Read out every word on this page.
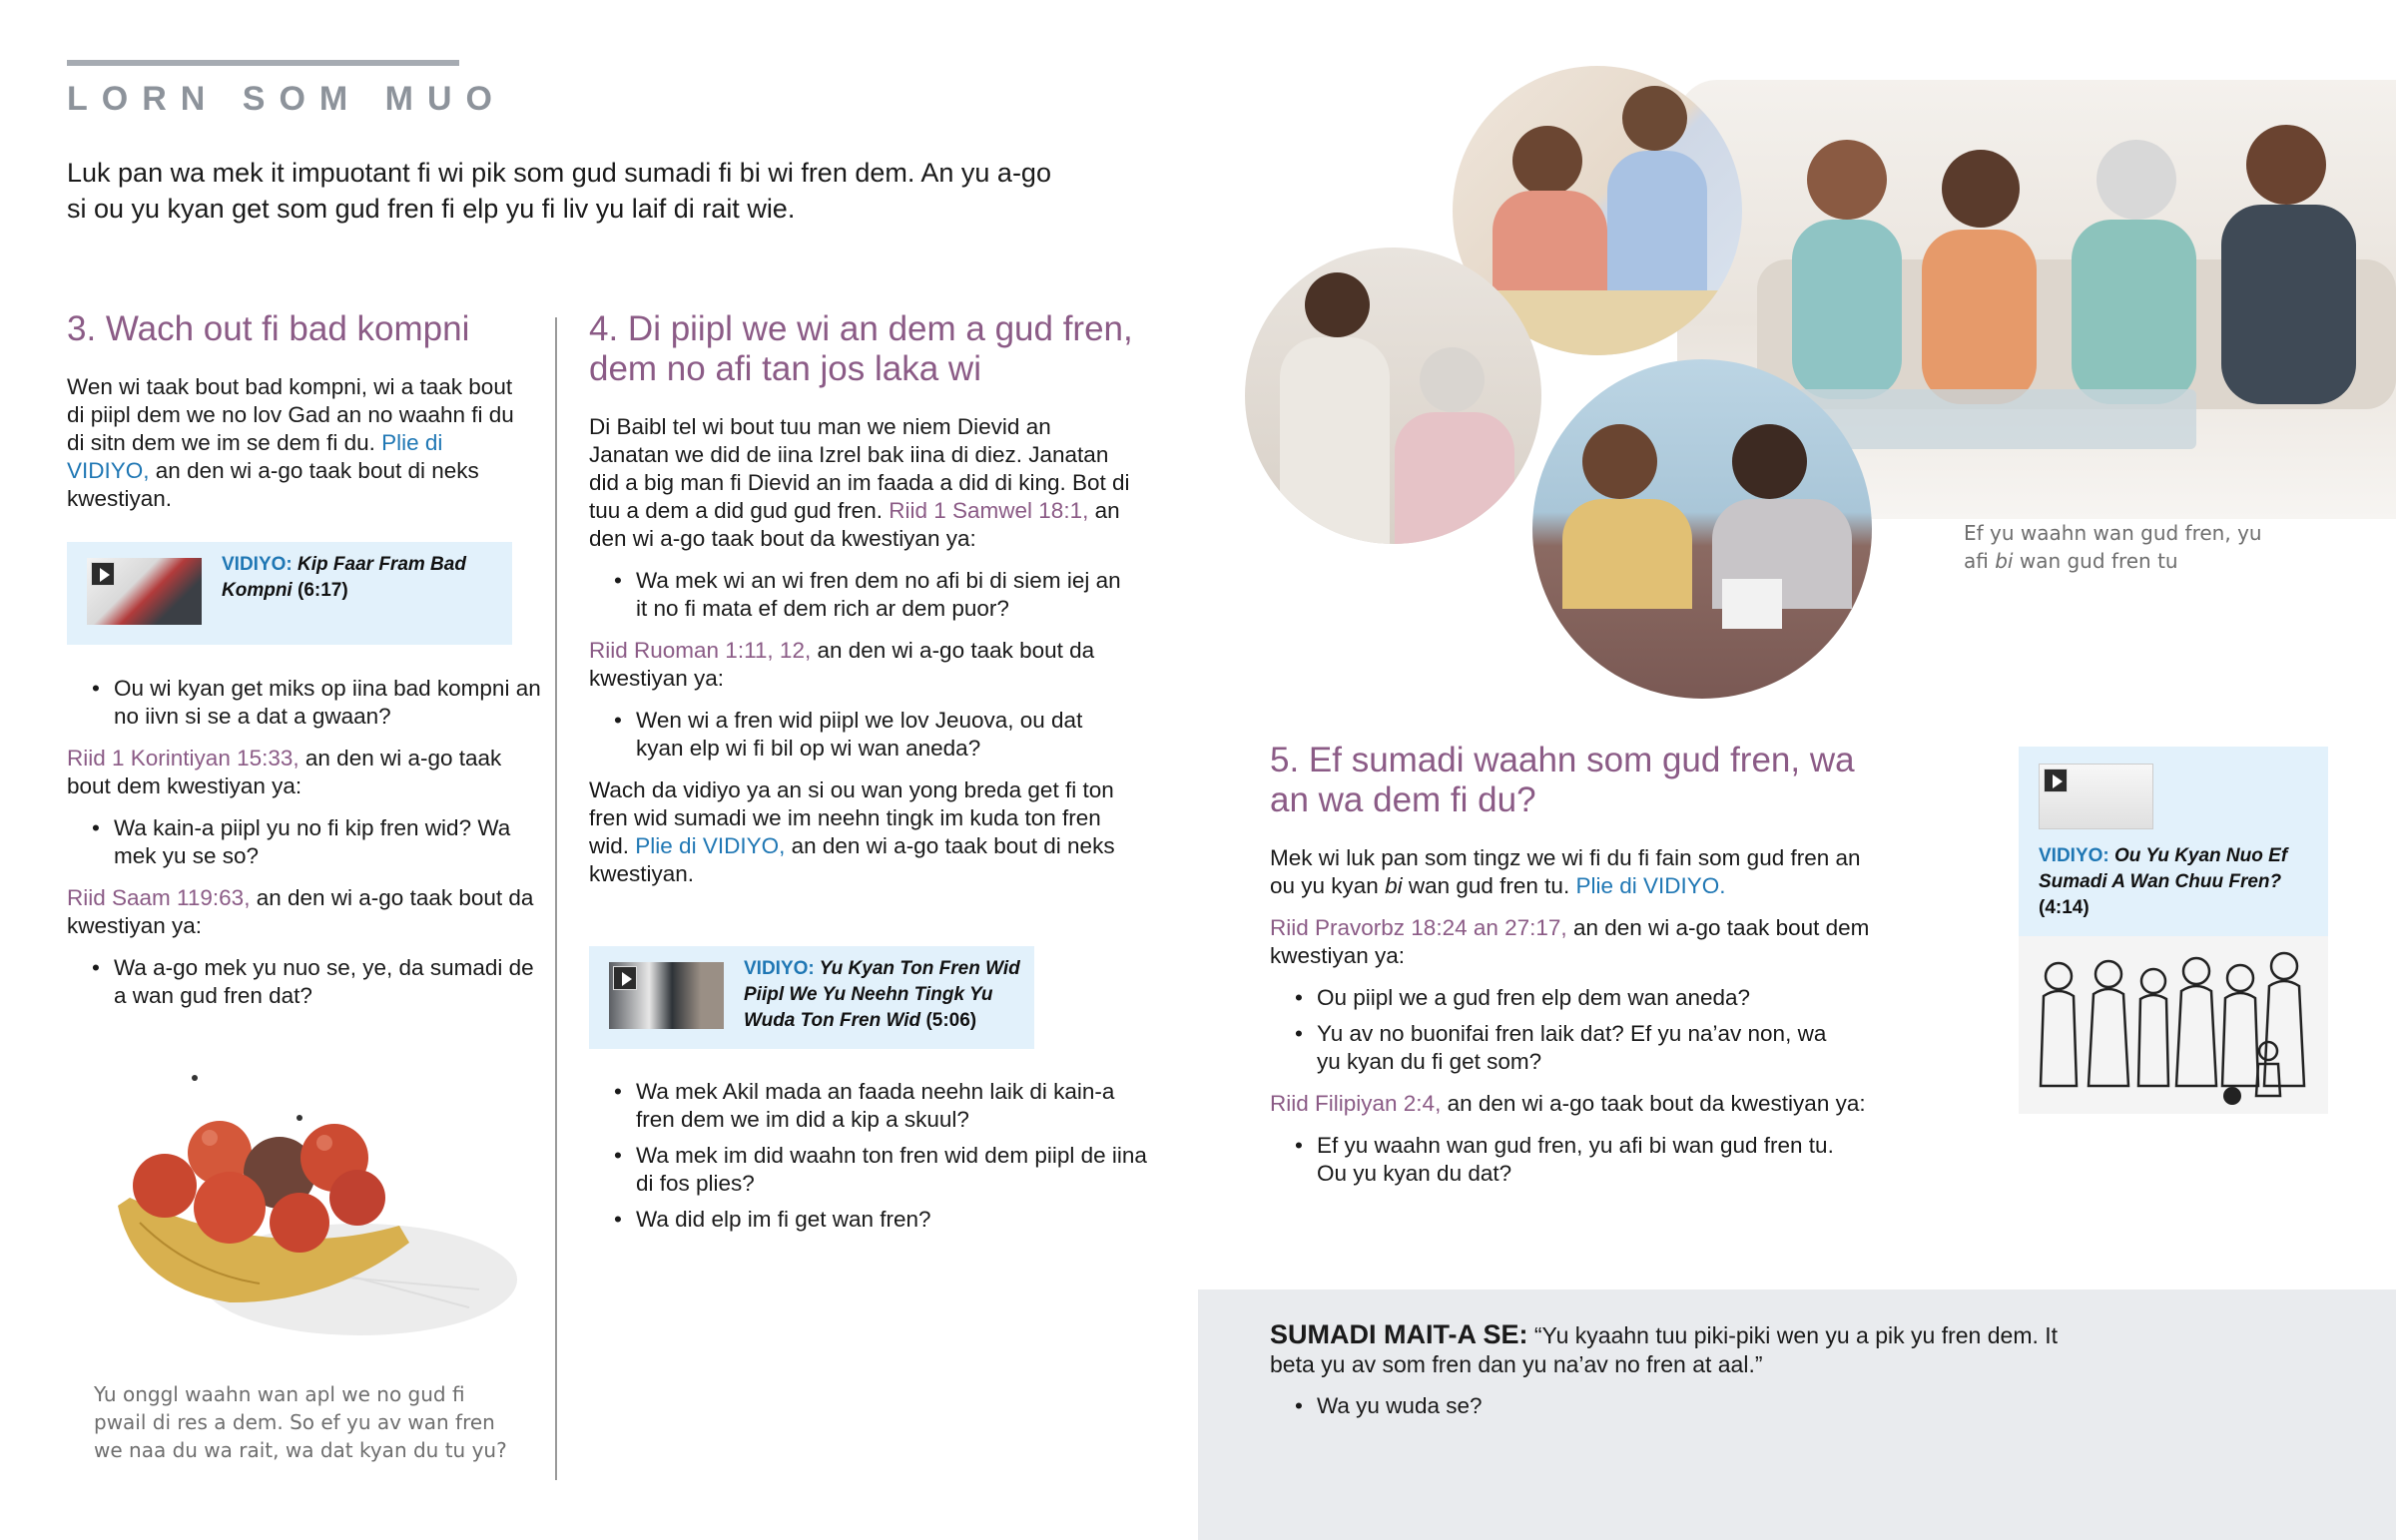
LORN SOM MUO

Luk pan wa mek it impuotant fi wi pik som gud sumadi fi bi wi fren dem. An yu a-go si ou yu kyan get som gud fren fi elp yu fi liv yu laif di rait wie.

3. Wach out fi bad kompni

Wen wi taak bout bad kompni, wi a taak bout di piipl dem we no lov Gad an no waahn fi du di sitn dem we im se dem fi du. Plie di VIDIYO, an den wi a-go taak bout di neks kwestiyan.

VIDIYO: Kip Faar Fram Bad Kompni (6:17)
• Ou wi kyan get miks op iina bad kompni an no iivn si se a dat a gwaan?

Riid 1 Korintiyan 15:33, an den wi a-go taak bout dem kwestiyan ya:

• Wa kain-a piipl yu no fi kip fren wid? Wa mek yu se so?

Riid Saam 119:63, an den wi a-go taak bout da kwestiyan ya:

• Wa a-go mek yu nuo se, ye, da sumadi de a wan gud fren dat?

Yu onggl waahn wan apl we no gud fi pwail di res a dem. So ef yu av wan fren we naa du wa rait, wa dat kyan du tu yu?

4. Di piipl we wi an dem a gud fren, dem no afi tan jos laka wi

Di Baibl tel wi bout tuu man we niem Dievid an Janatan we did de iina Izrel bak iina di diez. Janatan did a big man fi Dievid an im faada a did di king. Bot di tuu a dem a did gud gud fren. Riid 1 Samwel 18:1, an den wi a-go taak bout da kwestiyan ya:

• Wa mek wi an wi fren dem no afi bi di siem iej an it no fi mata ef dem rich ar dem puor?

Riid Ruoman 1:11, 12, an den wi a-go taak bout da kwestiyan ya:

• Wen wi a fren wid piipl we lov Jeuova, ou dat kyan elp wi fi bil op wi wan aneda?

Wach da vidiyo ya an si ou wan yong breda get fi ton fren wid sumadi we im neehn tingk im kuda ton fren wid. Plie di VIDIYO, an den wi a-go taak bout di neks kwestiyan.

VIDIYO: Yu Kyan Ton Fren Wid Piipl We Yu Neehn Tingk Yu Wuda Ton Fren Wid (5:06)
• Wa mek Akil mada an faada neehn laik di kain-a fren dem we im did a kip a skuul?
• Wa mek im did waahn ton fren wid dem piipl de iina di fos plies?
• Wa did elp im fi get wan fren?
Ef yu waahn wan gud fren, yu afi bi wan gud fren tu
5. Ef sumadi waahn som gud fren, wa an wa dem fi du?

Mek wi luk pan som tingz we wi fi du fi fain som gud fren an ou yu kyan bi wan gud fren tu. Plie di VIDIYO.

Riid Pravorbz 18:24 an 27:17, an den wi a-go taak bout dem kwestiyan ya:

• Ou piipl we a gud fren elp dem wan aneda?
• Yu av no buonifai fren laik dat? Ef yu na’av non, wa yu kyan du fi get som?

Riid Filipiyan 2:4, an den wi a-go taak bout da kwestiyan ya:

• Ef yu waahn wan gud fren, yu afi bi wan gud fren tu. Ou yu kyan du dat?
VIDIYO: Ou Yu Kyan Nuo Ef Sumadi A Wan Chuu Fren? (4:14)

SUMADI MAIT-A SE: “Yu kyaahn tuu piki-piki wen yu a pik yu fren dem. It beta yu av som fren dan yu na’av no fren at aal.”

• Wa yu wuda se?
